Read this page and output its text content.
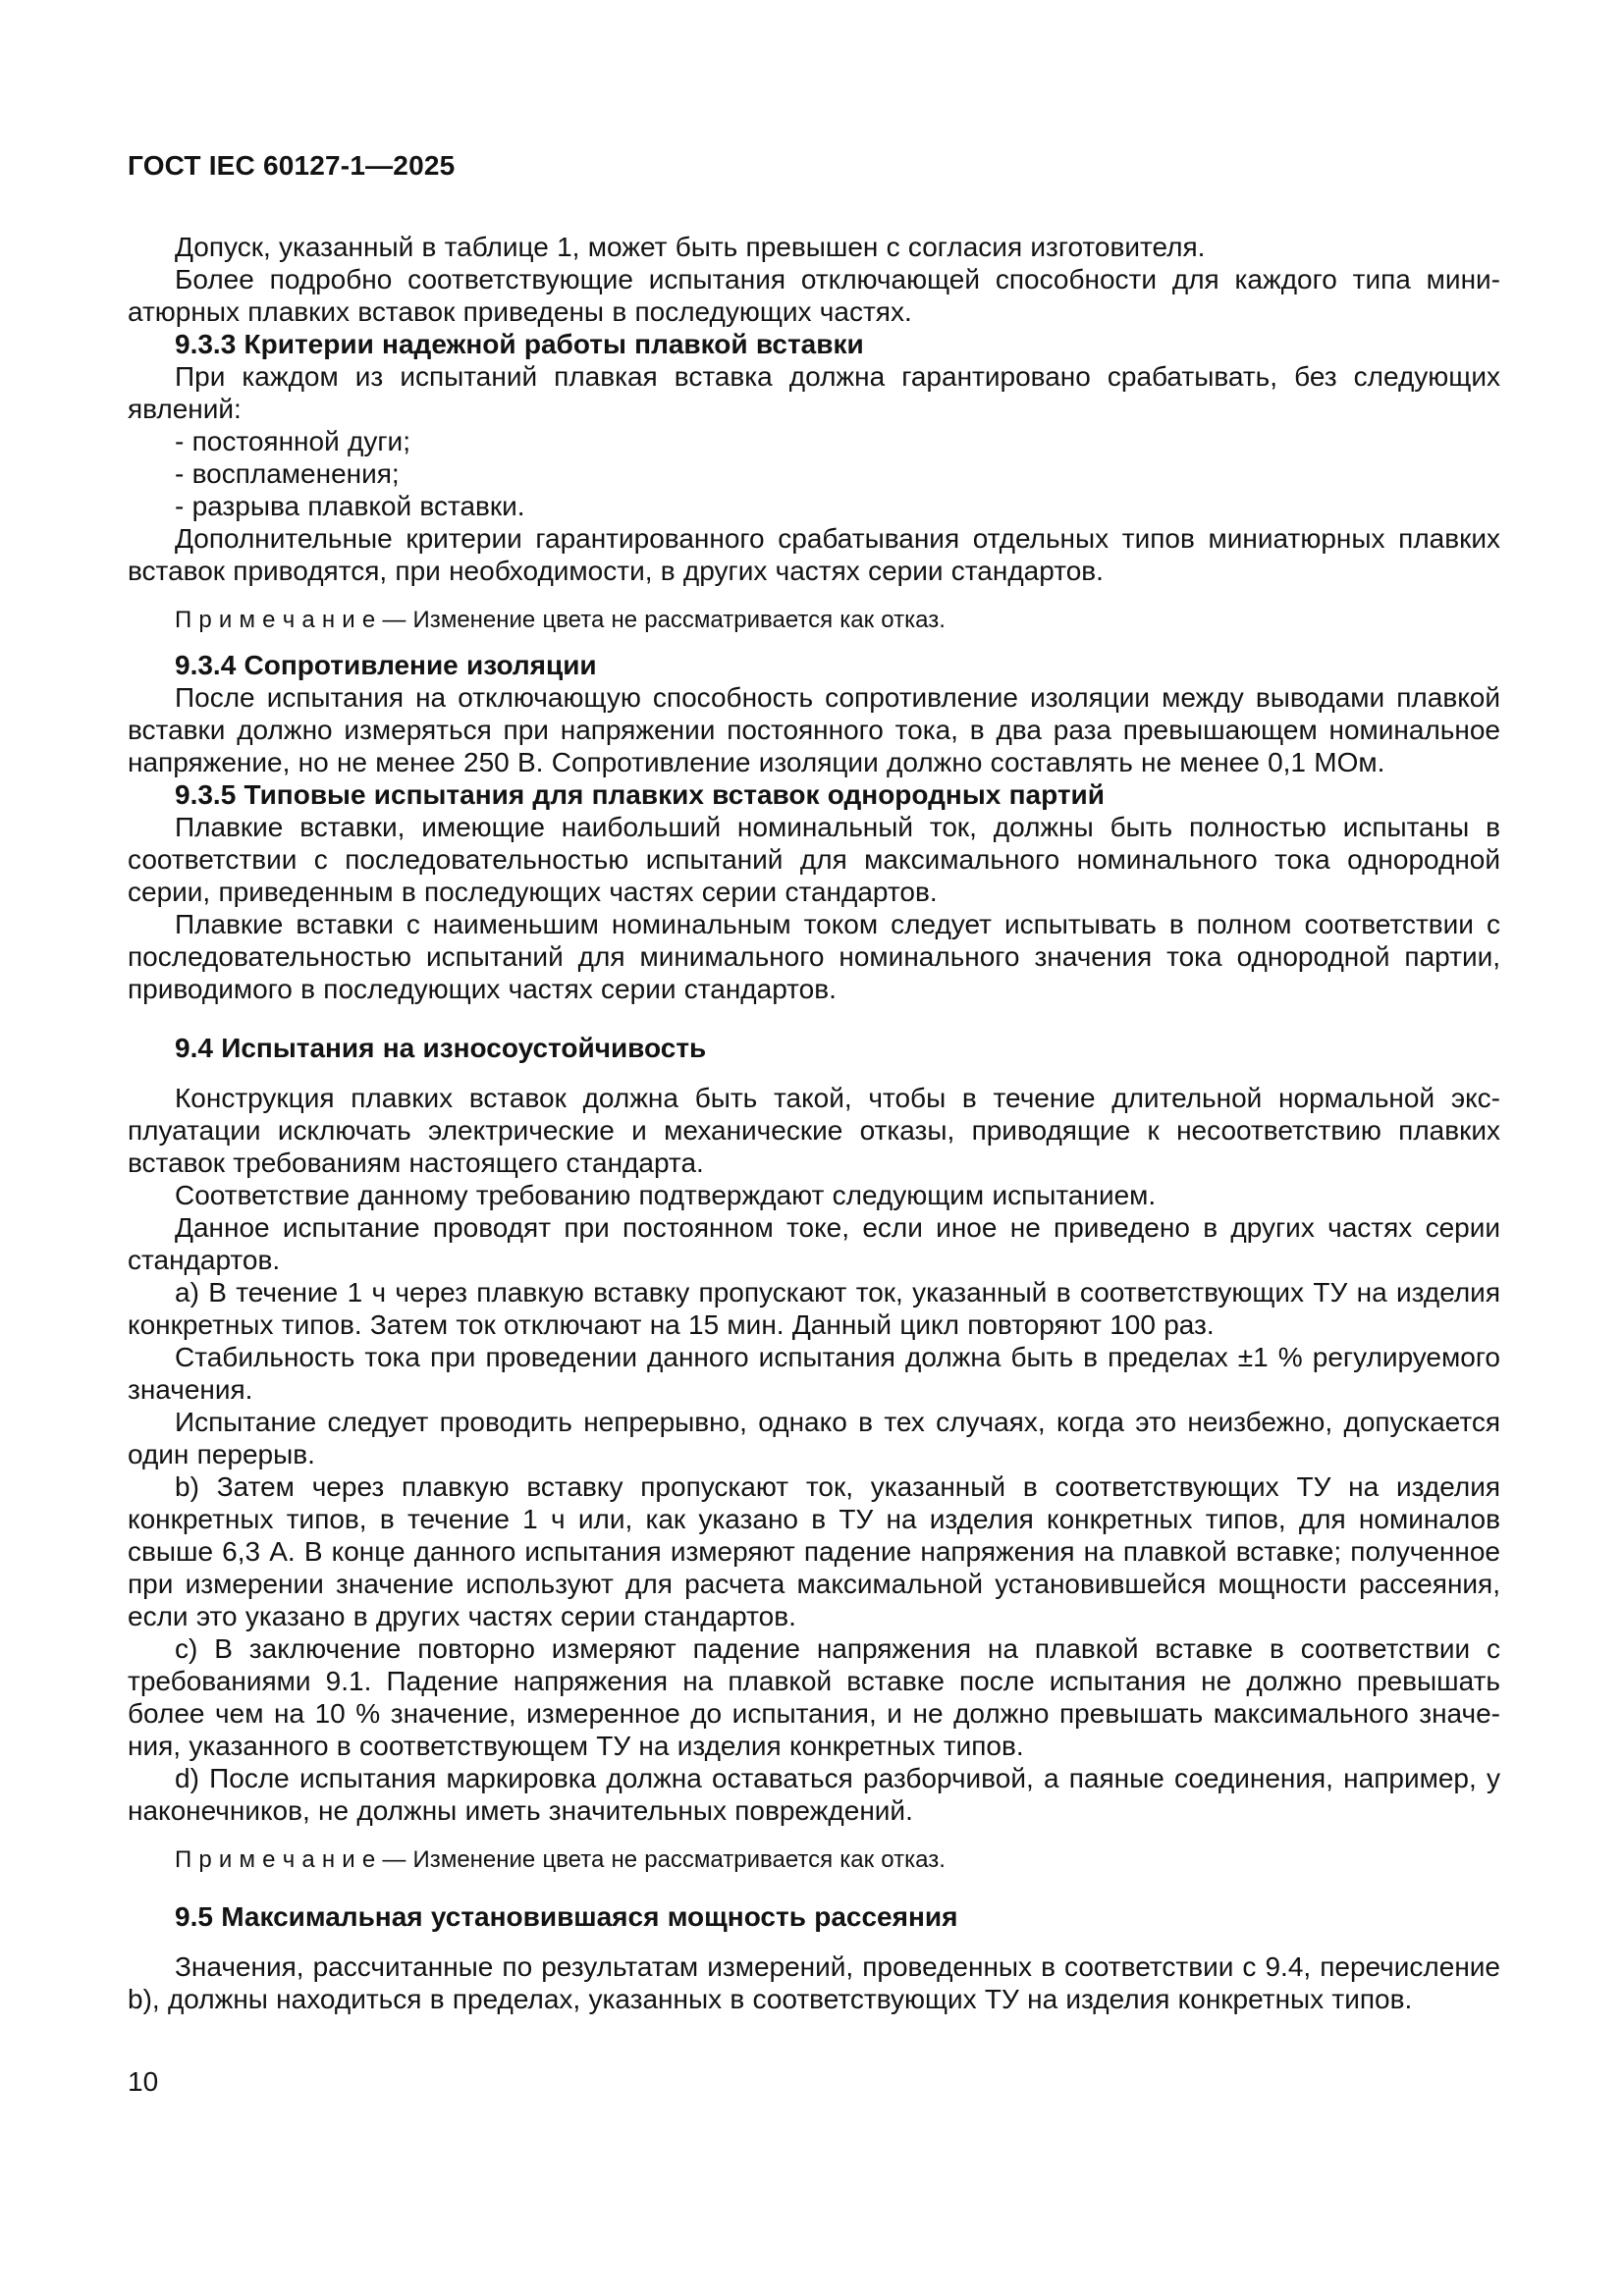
ГОСТ IEC 60127-1—2025

Допуск, указанный в таблице 1, может быть превышен с согласия изготовителя.

Более подробно соответствующие испытания отключающей способности для каждого типа миниатюрных плавких вставок приведены в последующих частях.

9.3.3 Критерии надежной работы плавкой вставки

При каждом из испытаний плавкая вставка должна гарантировано срабатывать, без следующих явлений:

- постоянной дуги;

- воспламенения;

- разрыва плавкой вставки.

Дополнительные критерии гарантированного срабатывания отдельных типов миниатюрных плавких вставок приводятся, при необходимости, в других частях серии стандартов.

П р и м е ч а н и е — Изменение цвета не рассматривается как отказ.

9.3.4 Сопротивление изоляции

После испытания на отключающую способность сопротивление изоляции между выводами плавкой вставки должно измеряться при напряжении постоянного тока, в два раза превышающем номинальное напряжение, но не менее 250 В. Сопротивление изоляции должно составлять не менее 0,1 МОм.

9.3.5 Типовые испытания для плавких вставок однородных партий

Плавкие вставки, имеющие наибольший номинальный ток, должны быть полностью испытаны в соответствии с последовательностью испытаний для максимального номинального тока однородной серии, приведенным в последующих частях серии стандартов.

Плавкие вставки с наименьшим номинальным током следует испытывать в полном соответствии с последовательностью испытаний для минимального номинального значения тока однородной партии, приводимого в последующих частях серии стандартов.

9.4 Испытания на износоустойчивость

Конструкция плавких вставок должна быть такой, чтобы в течение длительной нормальной эксплуатации исключать электрические и механические отказы, приводящие к несоответствию плавких вставок требованиям настоящего стандарта.

Соответствие данному требованию подтверждают следующим испытанием.

Данное испытание проводят при постоянном токе, если иное не приведено в других частях серии стандартов.

a) В течение 1 ч через плавкую вставку пропускают ток, указанный в соответствующих ТУ на изделия конкретных типов. Затем ток отключают на 15 мин. Данный цикл повторяют 100 раз.

Стабильность тока при проведении данного испытания должна быть в пределах ±1 % регулируемого значения.

Испытание следует проводить непрерывно, однако в тех случаях, когда это неизбежно, допускается один перерыв.

b) Затем через плавкую вставку пропускают ток, указанный в соответствующих ТУ на изделия конкретных типов, в течение 1 ч или, как указано в ТУ на изделия конкретных типов, для номиналов свыше 6,3 А. В конце данного испытания измеряют падение напряжения на плавкой вставке; полученное при измерении значение используют для расчета максимальной установившейся мощности рассеяния, если это указано в других частях серии стандартов.

c) В заключение повторно измеряют падение напряжения на плавкой вставке в соответствии с требованиями 9.1. Падение напряжения на плавкой вставке после испытания не должно превышать более чем на 10 % значение, измеренное до испытания, и не должно превышать максимального значения, указанного в соответствующем ТУ на изделия конкретных типов.

d) После испытания маркировка должна оставаться разборчивой, а паяные соединения, например, у наконечников, не должны иметь значительных повреждений.

П р и м е ч а н и е — Изменение цвета не рассматривается как отказ.

9.5 Максимальная установившаяся мощность рассеяния

Значения, рассчитанные по результатам измерений, проведенных в соответствии с 9.4, перечисление b), должны находиться в пределах, указанных в соответствующих ТУ на изделия конкретных типов.

10
